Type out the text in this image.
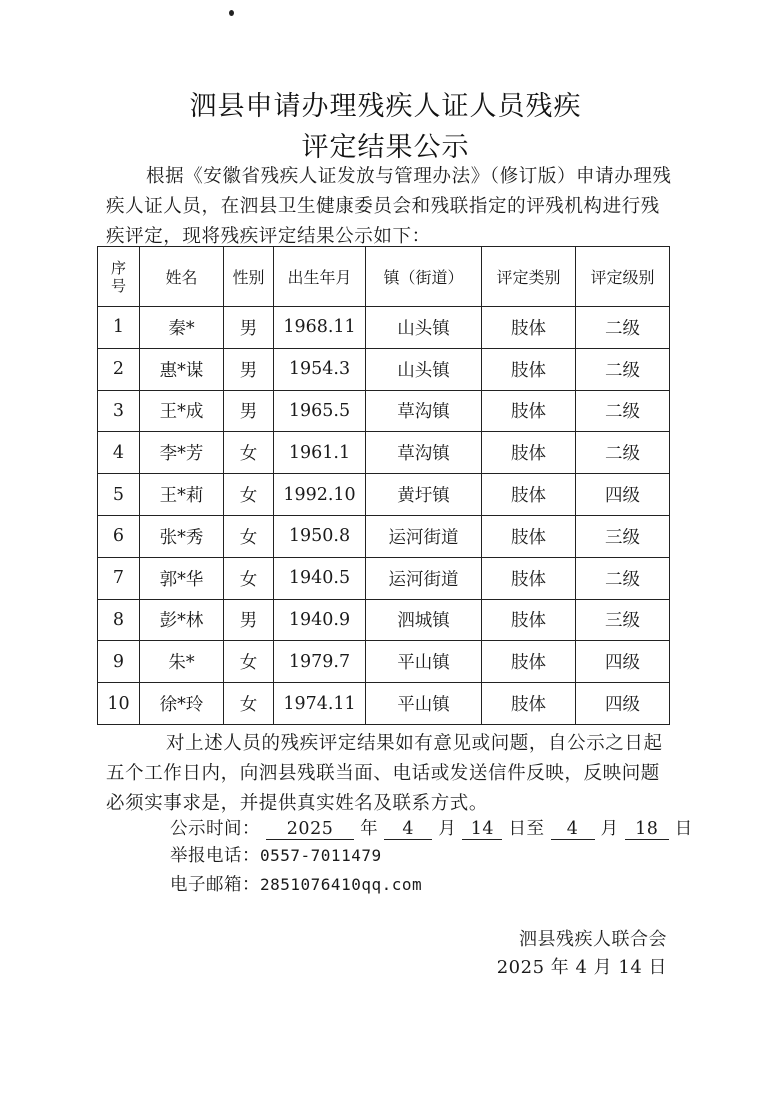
泗县申请办理残疾人证人员残疾
评定结果公示
根据《安徽省残疾人证发放与管理办法》（修订版）申请办理残疾人证人员，在泗县卫生健康委员会和残联指定的评残机构进行残疾评定，现将残疾评定结果公示如下：
序
号	姓名	性别	出生年月	镇（街道）	评定类别	评定级别
1	秦*	男	1968.11	山头镇	肢体	二级
2	惠*谋	男	1954.3	山头镇	肢体	二级
3	王*成	男	1965.5	草沟镇	肢体	二级
4	李*芳	女	1961.1	草沟镇	肢体	二级
5	王*莉	女	1992.10	黄圩镇	肢体	四级
6	张*秀	女	1950.8	运河街道	肢体	三级
7	郭*华	女	1940.5	运河街道	肢体	二级
8	彭*林	男	1940.9	泗城镇	肢体	三级
9	朱*	女	1979.7	平山镇	肢体	四级
10	徐*玲	女	1974.11	平山镇	肢体	四级
对上述人员的残疾评定结果如有意见或问题，自公示之日起五个工作日内，向泗县残联当面、电话或发送信件反映，反映问题必须实事求是，并提供真实姓名及联系方式。
公示时间： 2025 年 4 月 14 日至 4 月 18 日
举报电话：0557-7011479
电子邮箱：2851076410qq.com
泗县残疾人联合会
2025 年 4 月 14 日
